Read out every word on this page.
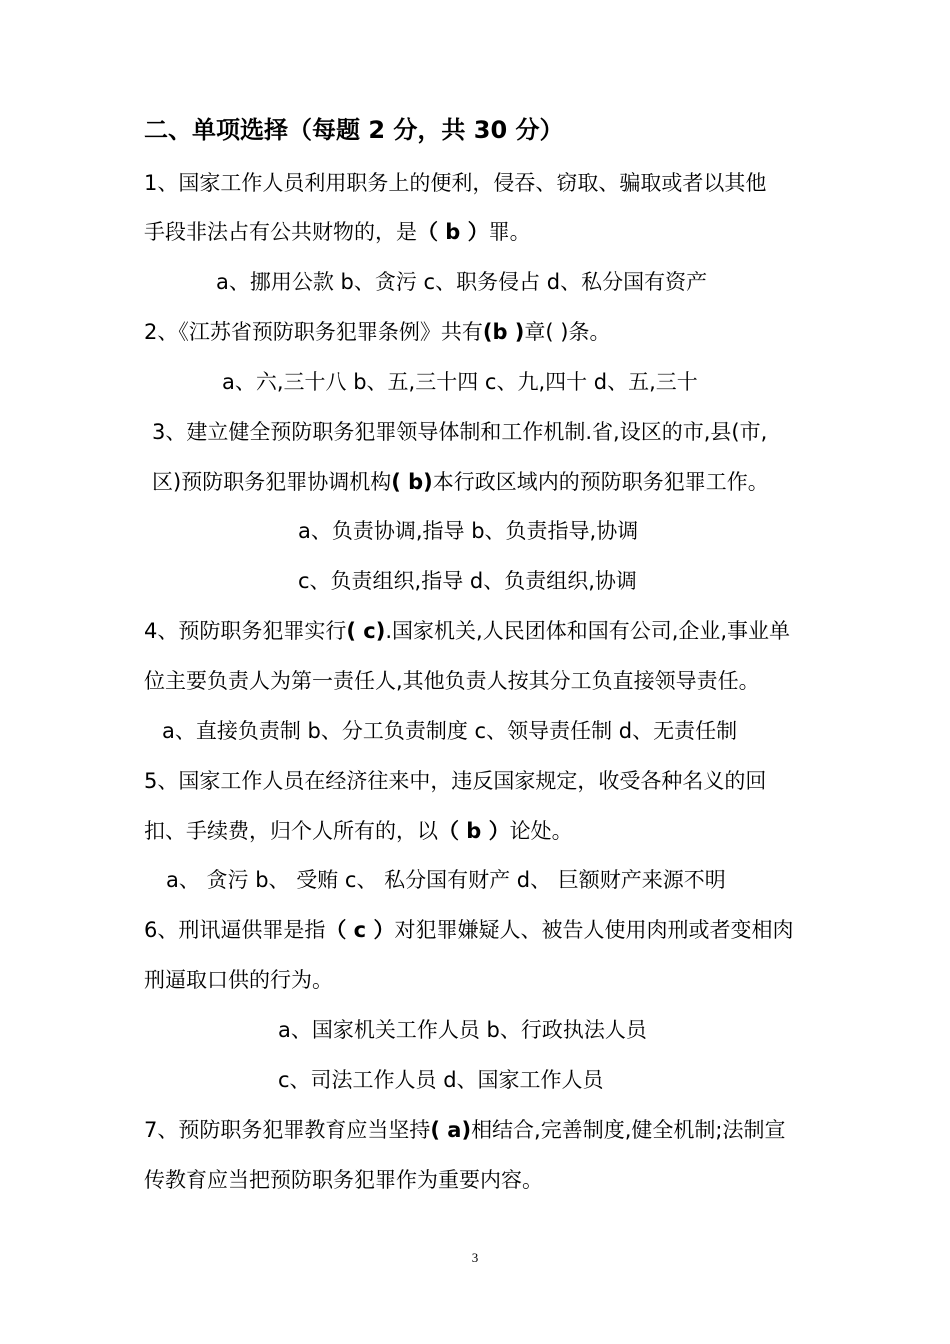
二、单项选择（每题 2 分，共 30 分）
1、国家工作人员利用职务上的便利，侵吞、窃取、骗取或者以其他
手段非法占有公共财物的，是（ b ）罪。
a、挪用公款 b、贪污 c、职务侵占 d、私分国有资产
2、《江苏省预防职务犯罪条例》共有(b )章( )条。
a、六,三十八 b、五,三十四 c、九,四十 d、五,三十
3、建立健全预防职务犯罪领导体制和工作机制.省,设区的市,县(市,
区)预防职务犯罪协调机构( b)本行政区域内的预防职务犯罪工作。
a、负责协调,指导 b、负责指导,协调
c、负责组织,指导 d、负责组织,协调
4、预防职务犯罪实行( c).国家机关,人民团体和国有公司,企业,事业单
位主要负责人为第一责任人,其他负责人按其分工负直接领导责任。
a、直接负责制 b、分工负责制度 c、领导责任制 d、无责任制
5、国家工作人员在经济往来中，违反国家规定，收受各种名义的回
扣、手续费，归个人所有的，以（ b ）论处。
a、 贪污 b、 受贿 c、 私分国有财产 d、 巨额财产来源不明
6、刑讯逼供罪是指（ c ）对犯罪嫌疑人、被告人使用肉刑或者变相肉
刑逼取口供的行为。
a、国家机关工作人员 b、行政执法人员
c、司法工作人员 d、国家工作人员
7、预防职务犯罪教育应当坚持( a)相结合,完善制度,健全机制;法制宣
传教育应当把预防职务犯罪作为重要内容。
3
